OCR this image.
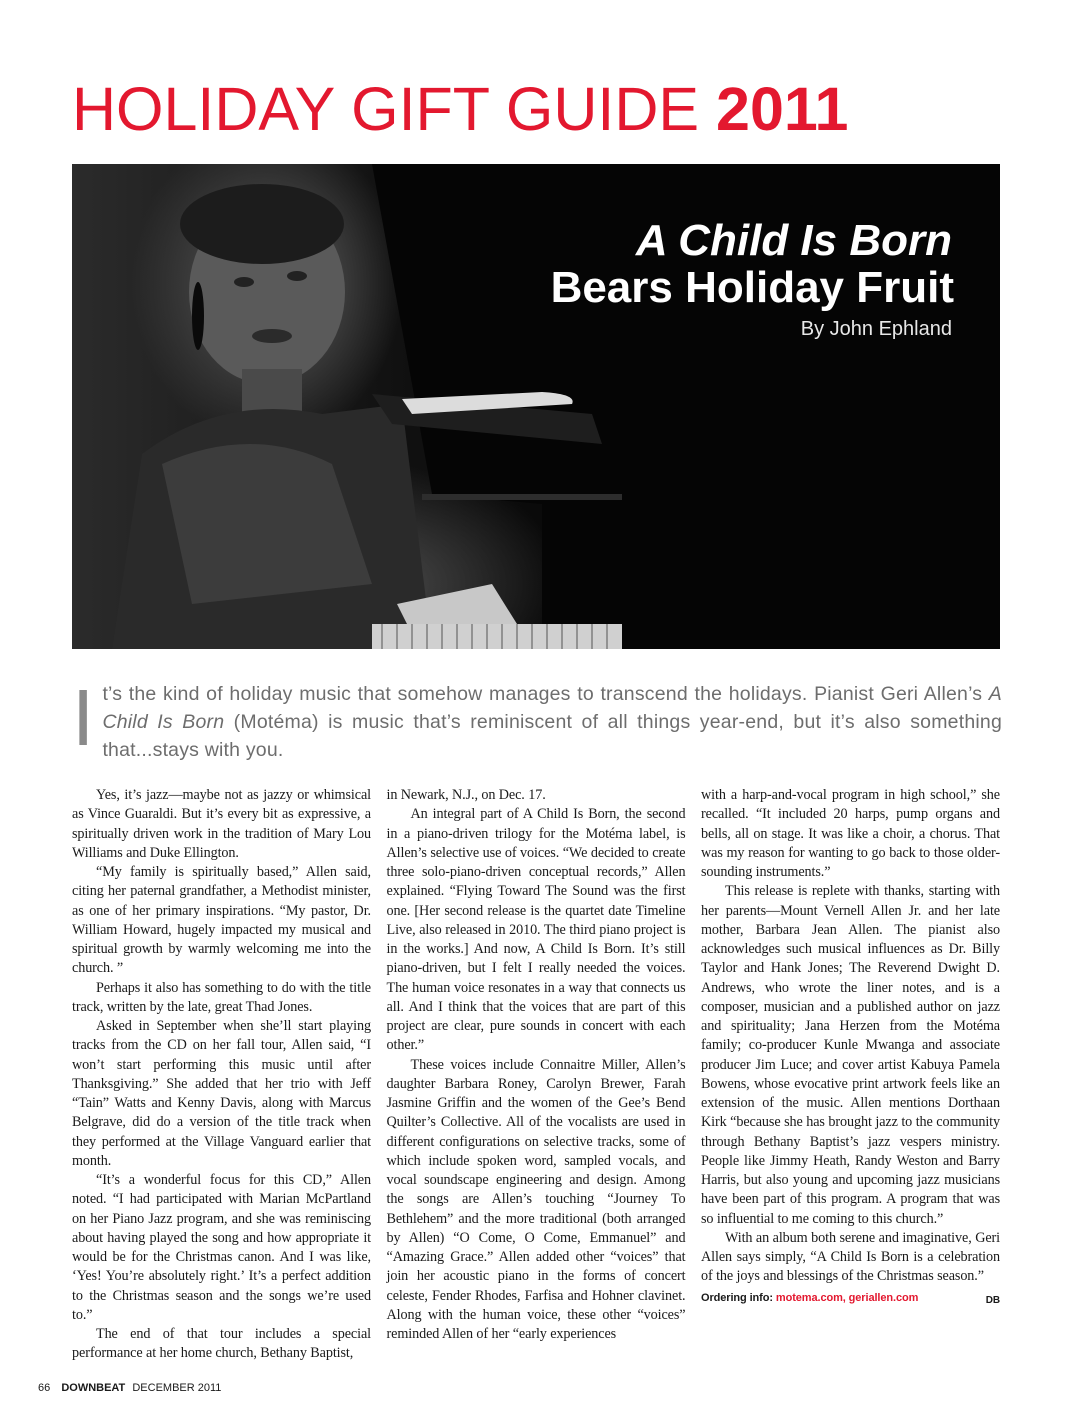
HOLIDAY GIFT GUIDE 2011
A Child Is Born
Bears Holiday Fruit
By John Ephland
It’s the kind of holiday music that somehow manages to transcend the holidays. Pianist Geri Allen’s A Child Is Born (Motéma) is music that’s reminiscent of all things year-end, but it’s also something that...stays with you.

Yes, it’s jazz—maybe not as jazzy or whimsical as Vince Guaraldi. But it’s every bit as expressive, a spiritually driven work in the tradition of Mary Lou Williams and Duke Ellington.

“My family is spiritually based,” Allen said, citing her paternal grandfather, a Methodist minister, as one of her primary inspirations. “My pastor, Dr. William Howard, hugely impacted my musical and spiritual growth by warmly welcoming me into the church. ”

Perhaps it also has something to do with the title track, written by the late, great Thad Jones.

Asked in September when she’ll start playing tracks from the CD on her fall tour, Allen said, “I won’t start performing this music until after Thanksgiving.” She added that her trio with Jeff “Tain” Watts and Kenny Davis, along with Marcus Belgrave, did do a version of the title track when they performed at the Village Vanguard earlier that month.

“It’s a wonderful focus for this CD,” Allen noted. “I had participated with Marian McPartland on her Piano Jazz program, and she was reminiscing about having played the song and how appropriate it would be for the Christmas canon. And I was like, ‘Yes! You’re absolutely right.’ It’s a perfect addition to the Christmas season and the songs we’re used to.”

The end of that tour includes a special performance at her home church, Bethany Baptist,

in Newark, N.J., on Dec. 17.

An integral part of A Child Is Born, the second in a piano-driven trilogy for the Motéma label, is Allen’s selective use of voices. “We decided to create three solo-piano-driven conceptual records,” Allen explained. “Flying Toward The Sound was the first one. [Her second release is the quartet date Timeline Live, also released in 2010. The third piano project is in the works.] And now, A Child Is Born. It’s still piano-driven, but I felt I really needed the voices. The human voice resonates in a way that connects us all. And I think that the voices that are part of this project are clear, pure sounds in concert with each other.”

These voices include Connaitre Miller, Allen’s daughter Barbara Roney, Carolyn Brewer, Farah Jasmine Griffin and the women of the Gee’s Bend Quilter’s Collective. All of the vocalists are used in different configurations on selective tracks, some of which include spoken word, sampled vocals, and vocal soundscape engineering and design. Among the songs are Allen’s touching “Journey To Bethlehem” and the more traditional (both arranged by Allen) “O Come, O Come, Emmanuel” and “Amazing Grace.” Allen added other “voices” that join her acoustic piano in the forms of concert celeste, Fender Rhodes, Farfisa and Hohner clavinet. Along with the human voice, these other “voices” reminded Allen of her “early experiences

with a harp-and-vocal program in high school,” she recalled. “It included 20 harps, pump organs and bells, all on stage. It was like a choir, a chorus. That was my reason for wanting to go back to those older-sounding instruments.”

This release is replete with thanks, starting with her parents—Mount Vernell Allen Jr. and her late mother, Barbara Jean Allen. The pianist also acknowledges such musical influences as Dr. Billy Taylor and Hank Jones; The Reverend Dwight D. Andrews, who wrote the liner notes, and is a composer, musician and a published author on jazz and spirituality; Jana Herzen from the Motéma family; co-producer Kunle Mwanga and associate producer Jim Luce; and cover artist Kabuya Pamela Bowens, whose evocative print artwork feels like an extension of the music. Allen mentions Dorthaan Kirk “because she has brought jazz to the community through Bethany Baptist’s jazz vespers ministry. People like Jimmy Heath, Randy Weston and Barry Harris, but also young and upcoming jazz musicians have been part of this program. A program that was so influential to me coming to this church.”

With an album both serene and imaginative, Geri Allen says simply, “A Child Is Born is a celebration of the joys and blessings of the Christmas season.”
DB

Ordering info: motema.com, geriallen.com
66 DOWNBEAT DECEMBER 2011
